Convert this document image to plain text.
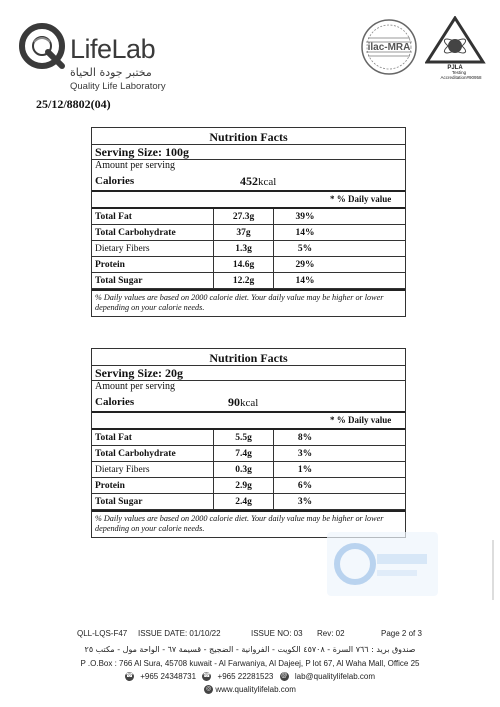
LifeLab
مختبر جودة الحياة
Quality Life Laboratory
ilac-MRA
PJLA
Testing
Accreditation#90958
25/12/8802(04)
Nutrition Facts
Serving Size: 100g
Amount per serving
Calories	452kcal
* % Daily value
Total Fat	27.3g	39%
Total Carbohydrate	37g	14%
Dietary Fibers	1.3g	5%
Protein	14.6g	29%
Total Sugar	12.2g	14%
% Daily values are based on 2000 calorie diet. Your daily value may be higher or lower depending on your calorie needs.
Nutrition Facts
Serving Size: 20g
Amount per serving
Calories	90kcal
* % Daily value
Total Fat	5.5g	8%
Total Carbohydrate	7.4g	3%
Dietary Fibers	0.3g	1%
Protein	2.9g	6%
Total Sugar	2.4g	3%
% Daily values are based on 2000 calorie diet. Your daily value may be higher or lower depending on your calorie needs.
QLL-LQS-F47 ISSUE DATE: 01/10/22	ISSUE NO: 03 Rev: 02	Page 2 of 3
صندوق بريد : ٧٦٦ السرة - ٤٥٧٠٨ الكويت - الفروانية - الضجيج - قسيمة ٦٧ - الواحة مول - مكتب ٢٥
P .O.Box : 766 Al Sura, 45708 kuwait - Al Farwaniya, Al Dajeej, P lot 67, Al Waha Mall, Office 25
☎ +965 24348731 ☎ +965 22281523 @ lab@qualitylifelab.com
◎ www.qualitylifelab.com
